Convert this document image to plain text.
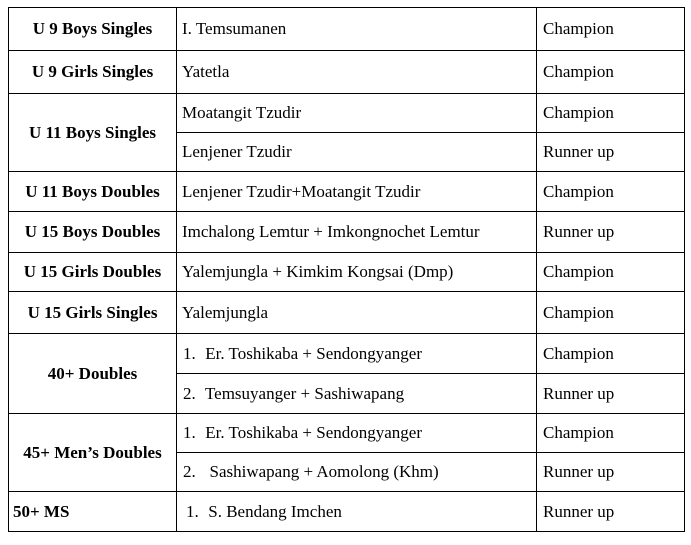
U 9 Boys Singles	I. Temsumanen	Champion
U 9 Girls Singles	Yatetla	Champion
U 11 Boys Singles	Moatangit Tzudir	Champion
	Lenjener Tzudir	Runner up
U 11 Boys Doubles	Lenjener Tzudir+Moatangit Tzudir	Champion
U 15 Boys Doubles	Imchalong Lemtur + Imkongnochet Lemtur	Runner up
U 15 Girls Doubles	Yalemjungla + Kimkim Kongsai (Dmp)	Champion
U 15 Girls Singles	Yalemjungla	Champion
40+ Doubles	1. Er. Toshikaba + Sendongyanger	Champion
	2. Temsuyanger + Sashiwapang	Runner up
45+ Men’s Doubles	1. Er. Toshikaba + Sendongyanger	Champion
	2.  Sashiwapang + Aomolong (Khm)	Runner up
50+ MS	1. S. Bendang Imchen	Runner up
